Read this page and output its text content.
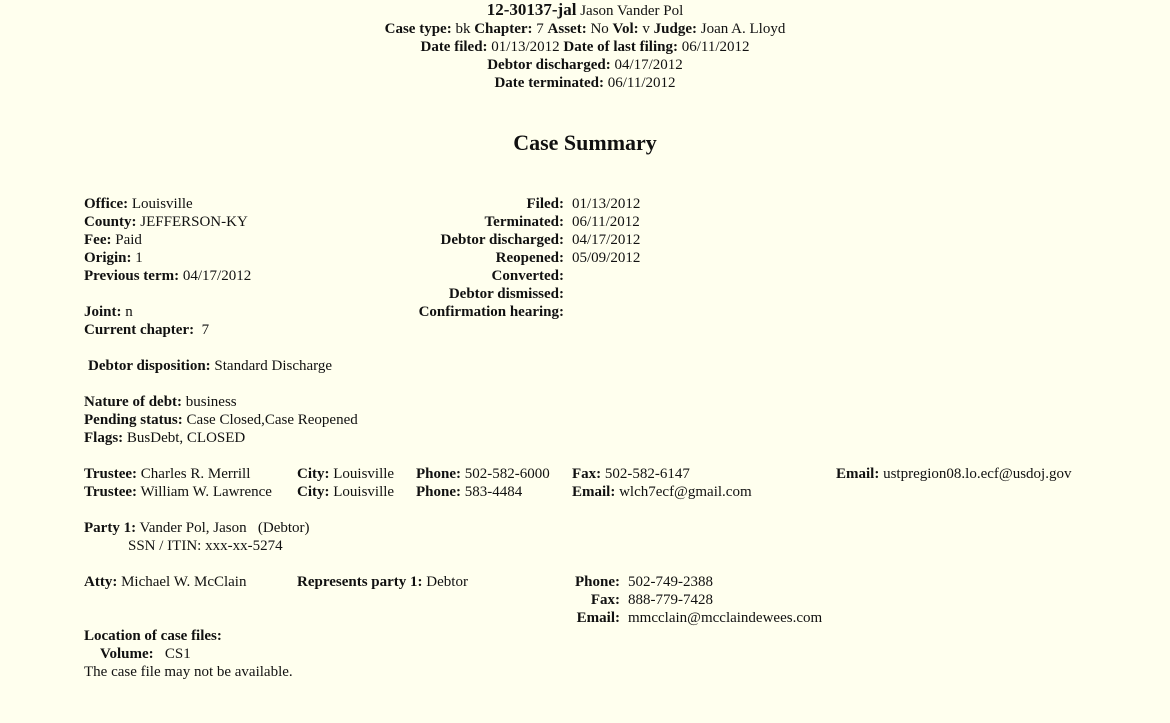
12-30137-jal Jason Vander Pol
Case type: bk Chapter: 7 Asset: No Vol: v Judge: Joan A. Lloyd
Date filed: 01/13/2012 Date of last filing: 06/11/2012
Debtor discharged: 04/17/2012
Date terminated: 06/11/2012
Case Summary
Office: Louisville
County: JEFFERSON-KY
Fee: Paid
Origin: 1
Previous term: 04/17/2012
Joint: n
Current chapter: 7
Filed: 01/13/2012
Terminated: 06/11/2012
Debtor discharged: 04/17/2012
Reopened: 05/09/2012
Converted:
Debtor dismissed:
Confirmation hearing:
Debtor disposition: Standard Discharge
Nature of debt: business
Pending status: Case Closed,Case Reopened
Flags: BusDebt, CLOSED
Trustee: Charles R. Merrill	City: Louisville Phone: 502-582-6000 Fax: 502-582-6147	Email: ustpregion08.lo.ecf@usdoj.gov
Trustee: William W. Lawrence City: Louisville Phone: 583-4484	Email: wlch7ecf@gmail.com
Party 1: Vander Pol, Jason (Debtor)
SSN / ITIN: xxx-xx-5274
Atty: Michael W. McClain	Represents party 1: Debtor	Phone: 502-749-2388
Fax: 888-779-7428
Email: mmcclain@mcclaindewees.com
Location of case files:
Volume: CS1
The case file may not be available.
